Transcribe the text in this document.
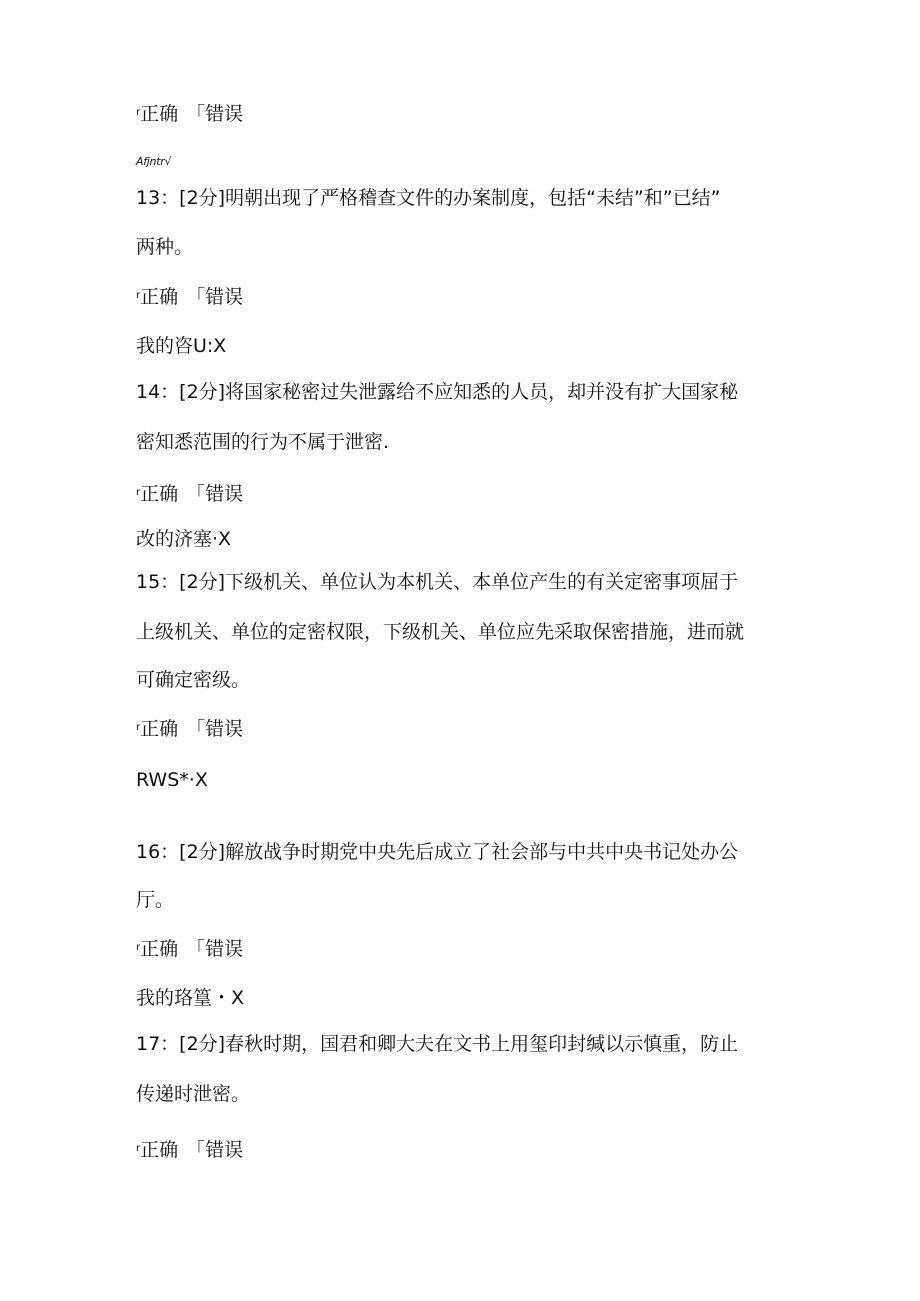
$^r$正确 「错误
Afjntr√
13：[2分]明朝出现了严格稽查文件的办案制度，包括“未结”和”已结”
两种。
$^r$正确 「错误
我的咨U:X
14：[2分]将国家秘密过失泄露给不应知悉的人员，却并没有扩大国家秘
密知悉范围的行为不属于泄密.
$^r$正确 「错误
改的济塞·X
15：[2分]下级机关、单位认为本机关、本单位产生的有关定密事项屈于
上级机关、单位的定密权限，下级机关、单位应先采取保密措施，进而就
可确定密级。
$^r$正确 「错误
RWS*·X
16：[2分]解放战争时期党中央先后成立了社会部与中共中央书记处办公
厅。
$^r$正确 「错误
我的珞篁・X
17：[2分]春秋时期，国君和卿大夫在文书上用玺印封缄以示慎重，防止
传递时泄密。
$^r$正确 「错误
